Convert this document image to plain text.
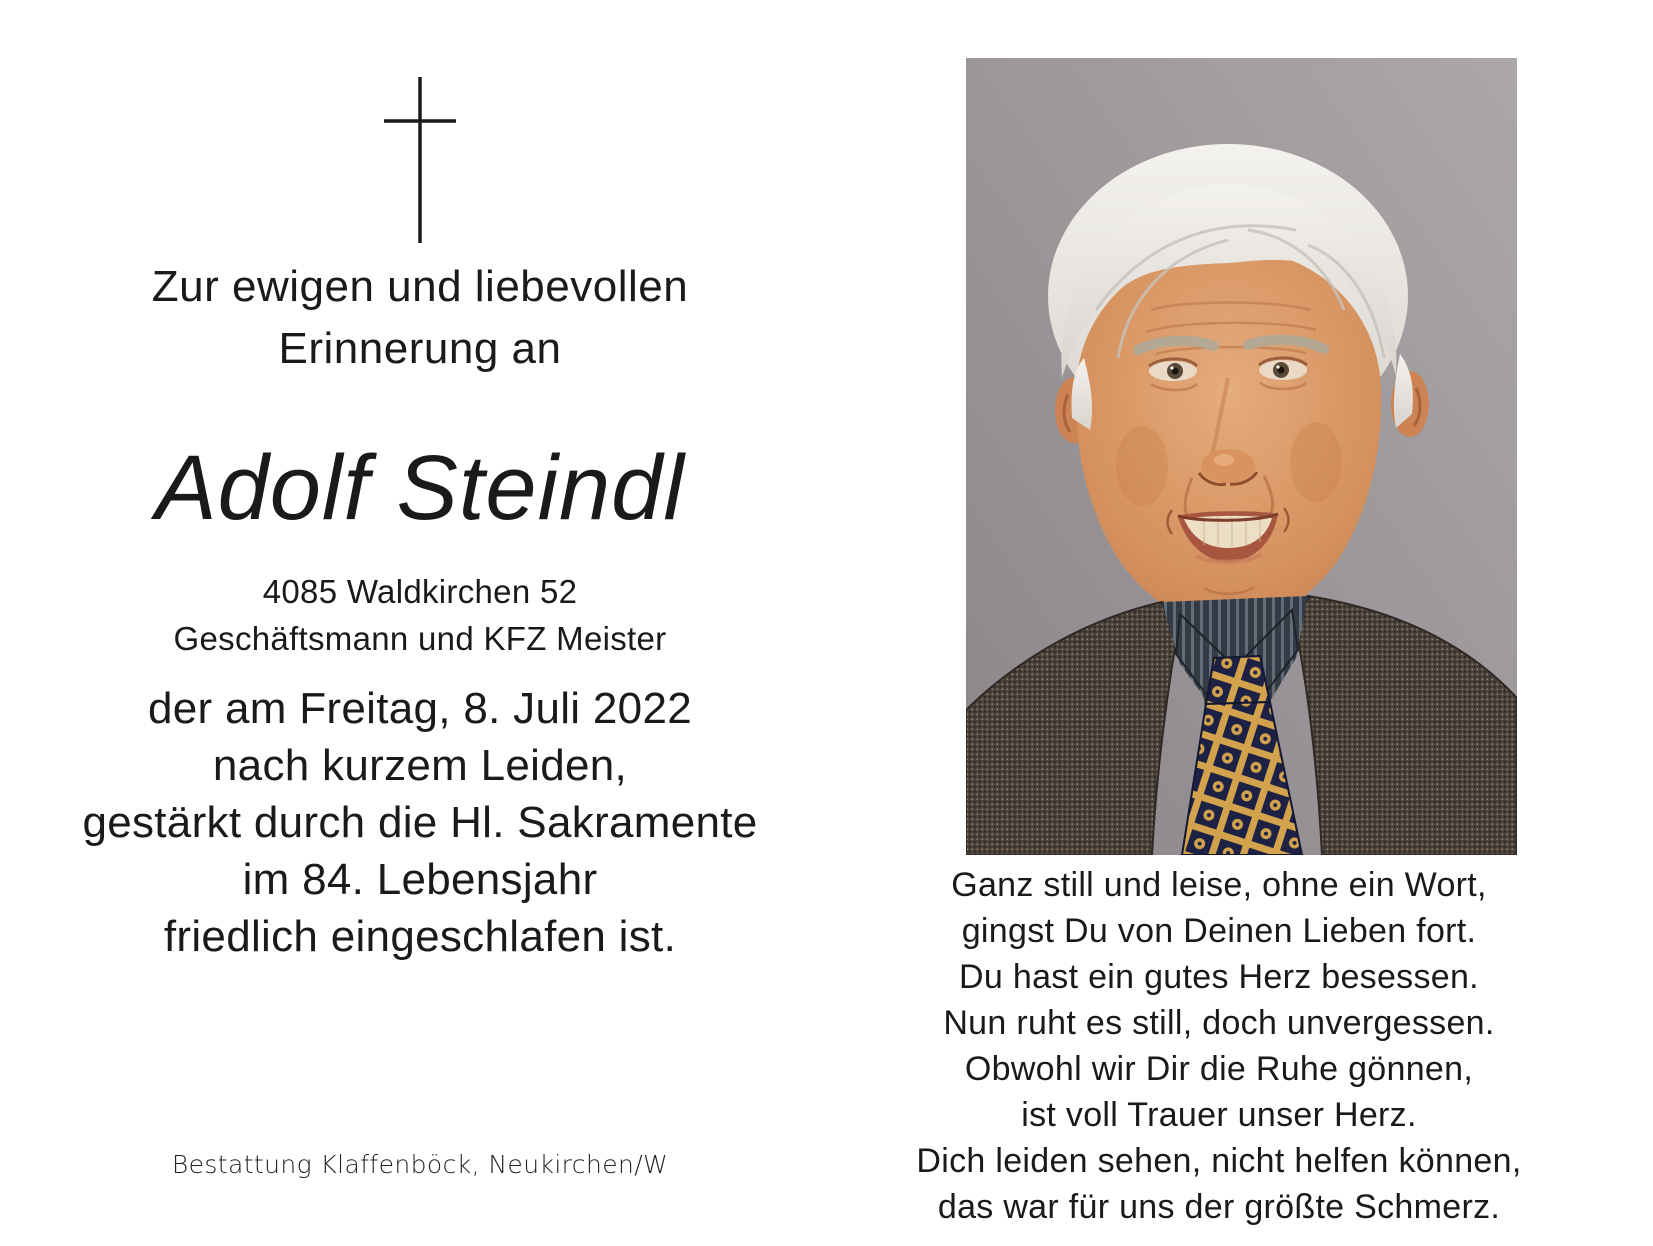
Zur ewigen und liebevollen
Erinnerung an
Adolf Steindl
4085 Waldkirchen 52
Geschäftsmann und KFZ Meister
der am Freitag, 8. Juli 2022
nach kurzem Leiden,
gestärkt durch die Hl. Sakramente
im 84. Lebensjahr
friedlich eingeschlafen ist.
Bestattung Klaffenböck, Neukirchen/W
Ganz still und leise, ohne ein Wort,
gingst Du von Deinen Lieben fort.
Du hast ein gutes Herz besessen.
Nun ruht es still, doch unvergessen.
Obwohl wir Dir die Ruhe gönnen,
ist voll Trauer unser Herz.
Dich leiden sehen, nicht helfen können,
das war für uns der größte Schmerz.
